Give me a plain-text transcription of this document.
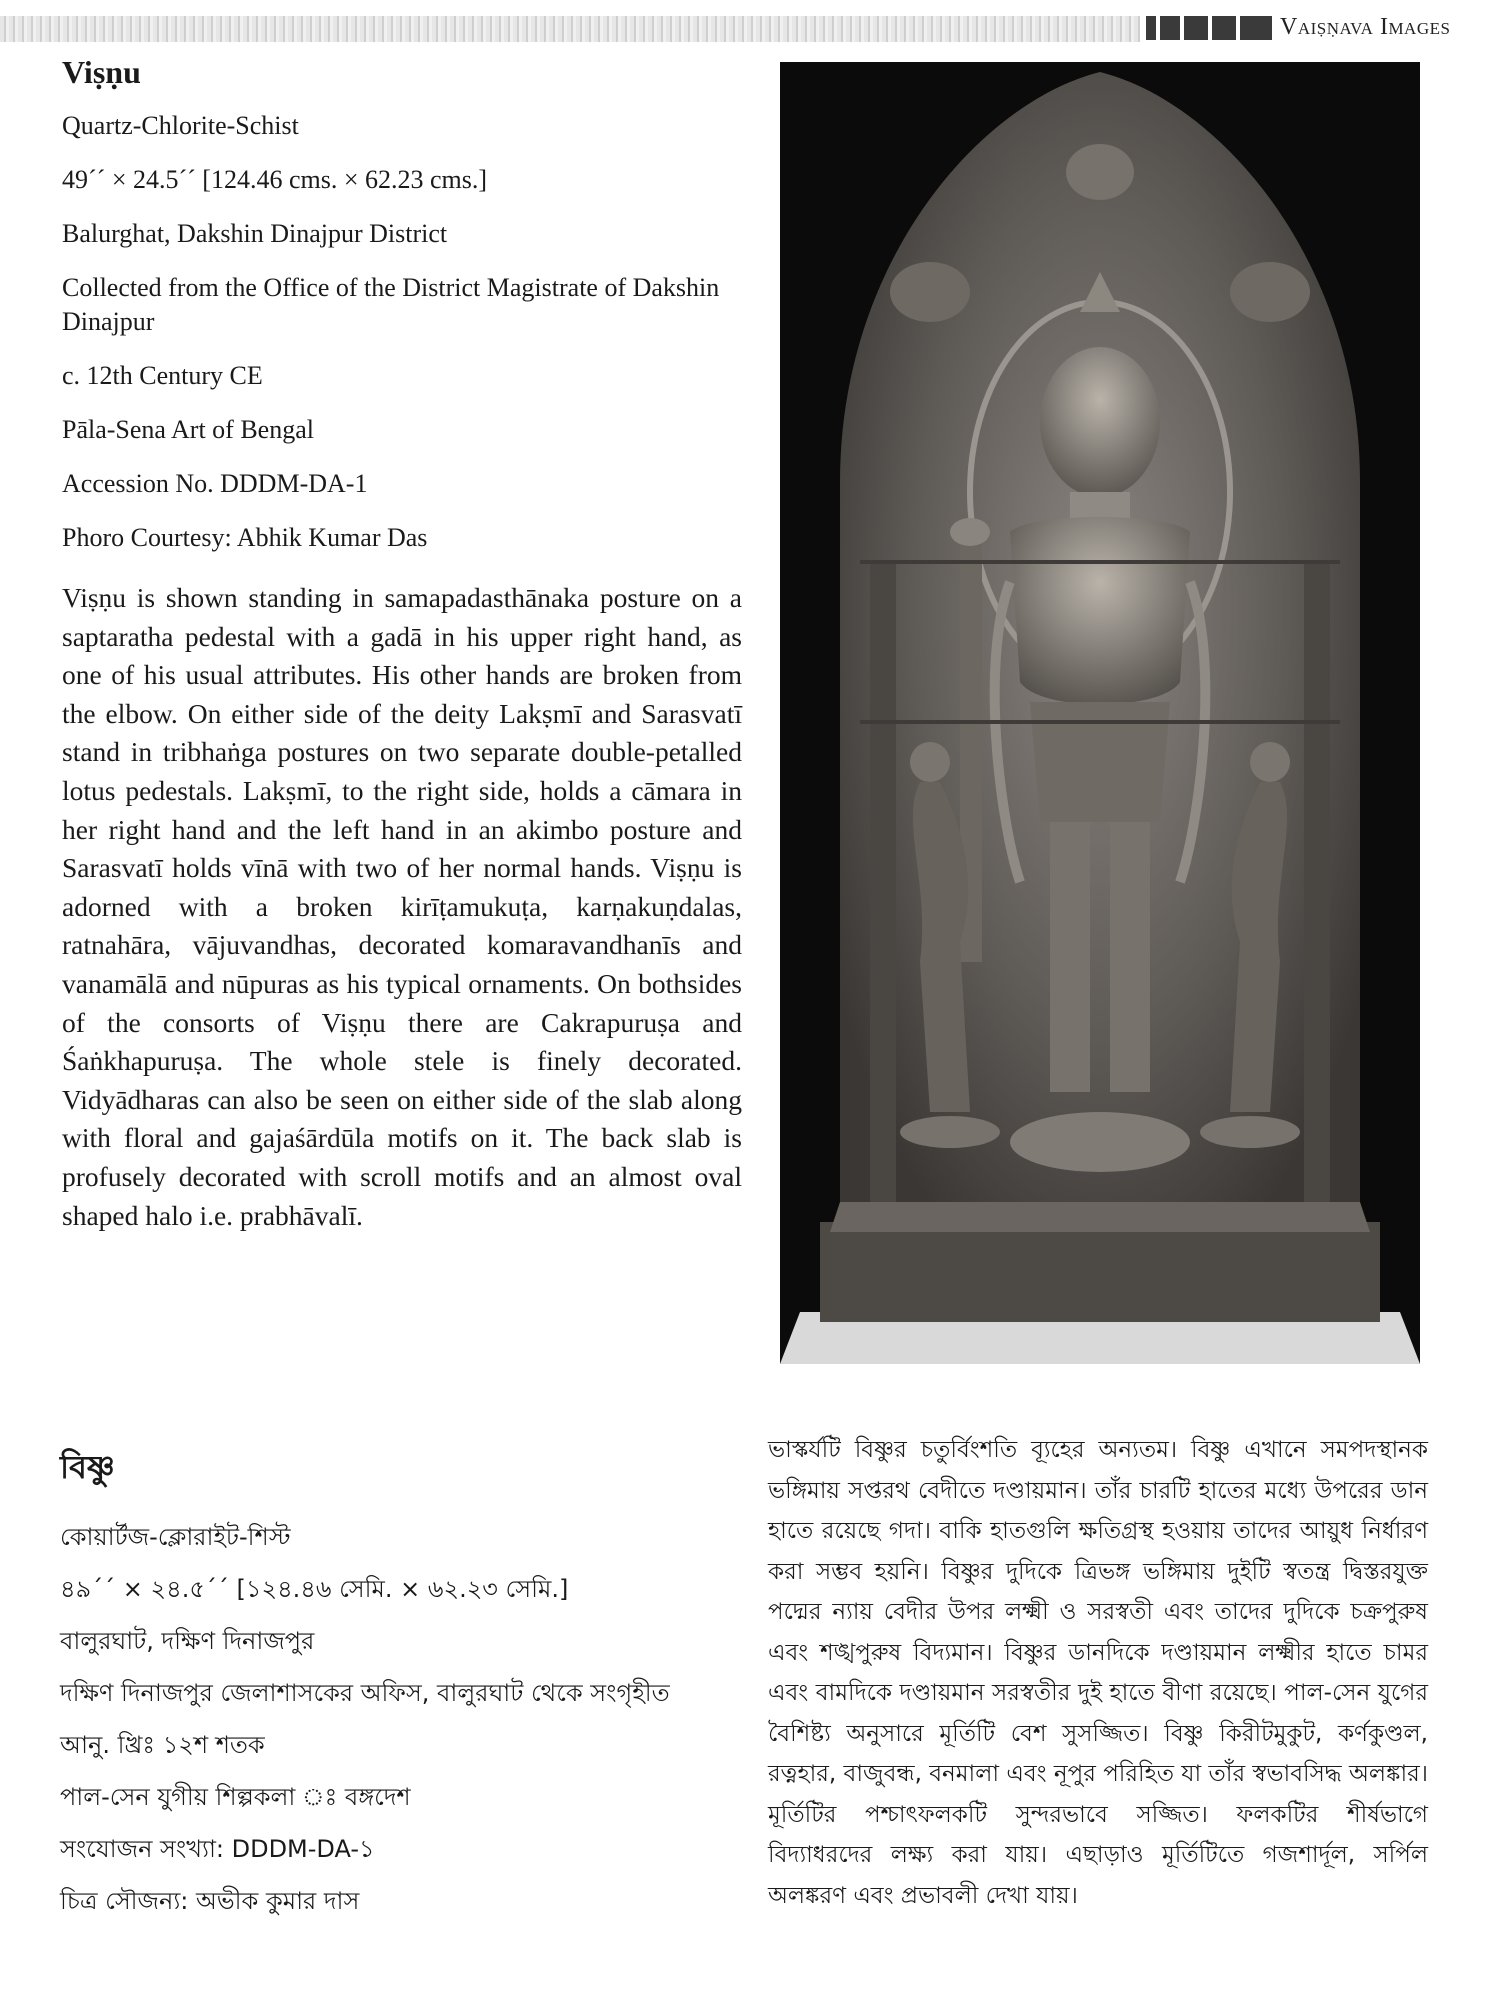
Vaiṣṇava Images
Viṣṇu

Quartz-Chlorite-Schist

49´´ × 24.5´´ [124.46 cms. × 62.23 cms.]

Balurghat, Dakshin Dinajpur District

Collected from the Office of the District Magistrate of Dakshin Dinajpur

c. 12th Century CE

Pāla-Sena Art of Bengal

Accession No. DDDM-DA-1

Phoro Courtesy: Abhik Kumar Das

Viṣṇu is shown standing in samapadasthānaka posture on a saptaratha pedestal with a gadā in his upper right hand, as one of his usual attributes. His other hands are broken from the elbow. On either side of the deity Lakṣmī and Sarasvatī stand in tribhaṅga postures on two separate double-petalled lotus pedestals. Lakṣmī, to the right side, holds a cāmara in her right hand and the left hand in an akimbo posture and Sarasvatī holds vīnā with two of her normal hands. Viṣṇu is adorned with a broken kirīṭamukuṭa, karṇakuṇdalas, ratnahāra, vājuvandhas, decorated komaravandhanīs and vanamālā and nūpuras as his typical ornaments. On bothsides of the consorts of Viṣṇu there are Cakrapuruṣa and Śaṅkhapuruṣa. The whole stele is finely decorated. Vidyādharas can also be seen on either side of the slab along with floral and gajaśārdūla motifs on it. The back slab is profusely decorated with scroll motifs and an almost oval shaped halo i.e. prabhāvalī.

বিষ্ণু

কোয়ার্টজ-ক্লোরাইট-শিস্ট

৪৯´´ × ২৪.৫´´ [১২৪.৪৬ সেমি. × ৬২.২৩ সেমি.]

বালুরঘাট, দক্ষিণ দিনাজপুর

দক্ষিণ দিনাজপুর জেলাশাসকের অফিস, বালুরঘাট থেকে সংগৃহীত

আনু. খ্রিঃ ১২শ শতক

পাল-সেন যুগীয় শিল্পকলা ঃ বঙ্গদেশ

সংযোজন সংখ্যা: DDDM-DA-১

চিত্র সৌজন্য: অভীক কুমার দাস

ভাস্কর্যটি বিষ্ণুর চতুর্বিংশতি ব্যূহের অন্যতম। বিষ্ণু এখানে সমপদস্থানক ভঙ্গিমায় সপ্তরথ বেদীতে দণ্ডায়মান। তাঁর চারটি হাতের মধ্যে উপরের ডান হাতে রয়েছে গদা। বাকি হাতগুলি ক্ষতিগ্রস্থ হওয়ায় তাদের আয়ুধ নির্ধারণ করা সম্ভব হয়নি। বিষ্ণুর দুদিকে ত্রিভঙ্গ ভঙ্গিমায় দুইটি স্বতন্ত্র দ্বিস্তরযুক্ত পদ্মের ন্যায় বেদীর উপর লক্ষ্মী ও সরস্বতী এবং তাদের দুদিকে চক্রপুরুষ এবং শঙ্খপুরুষ বিদ্যমান। বিষ্ণুর ডানদিকে দণ্ডায়মান লক্ষ্মীর হাতে চামর এবং বামদিকে দণ্ডায়মান সরস্বতীর দুই হাতে বীণা রয়েছে। পাল-সেন যুগের বৈশিষ্ট্য অনুসারে মূর্তিটি বেশ সুসজ্জিত। বিষ্ণু কিরীটমুকুট, কর্ণকুণ্ডল, রত্নহার, বাজুবন্ধ, বনমালা এবং নূপুর পরিহিত যা তাঁর স্বভাবসিদ্ধ অলঙ্কার। মূর্তিটির পশ্চাৎফলকটি সুন্দরভাবে সজ্জিত। ফলকটির শীর্ষভাগে বিদ্যাধরদের লক্ষ্য করা যায়। এছাড়াও মূর্তিটিতে গজশার্দূল, সর্পিল অলঙ্করণ এবং প্রভাবলী দেখা যায়।
